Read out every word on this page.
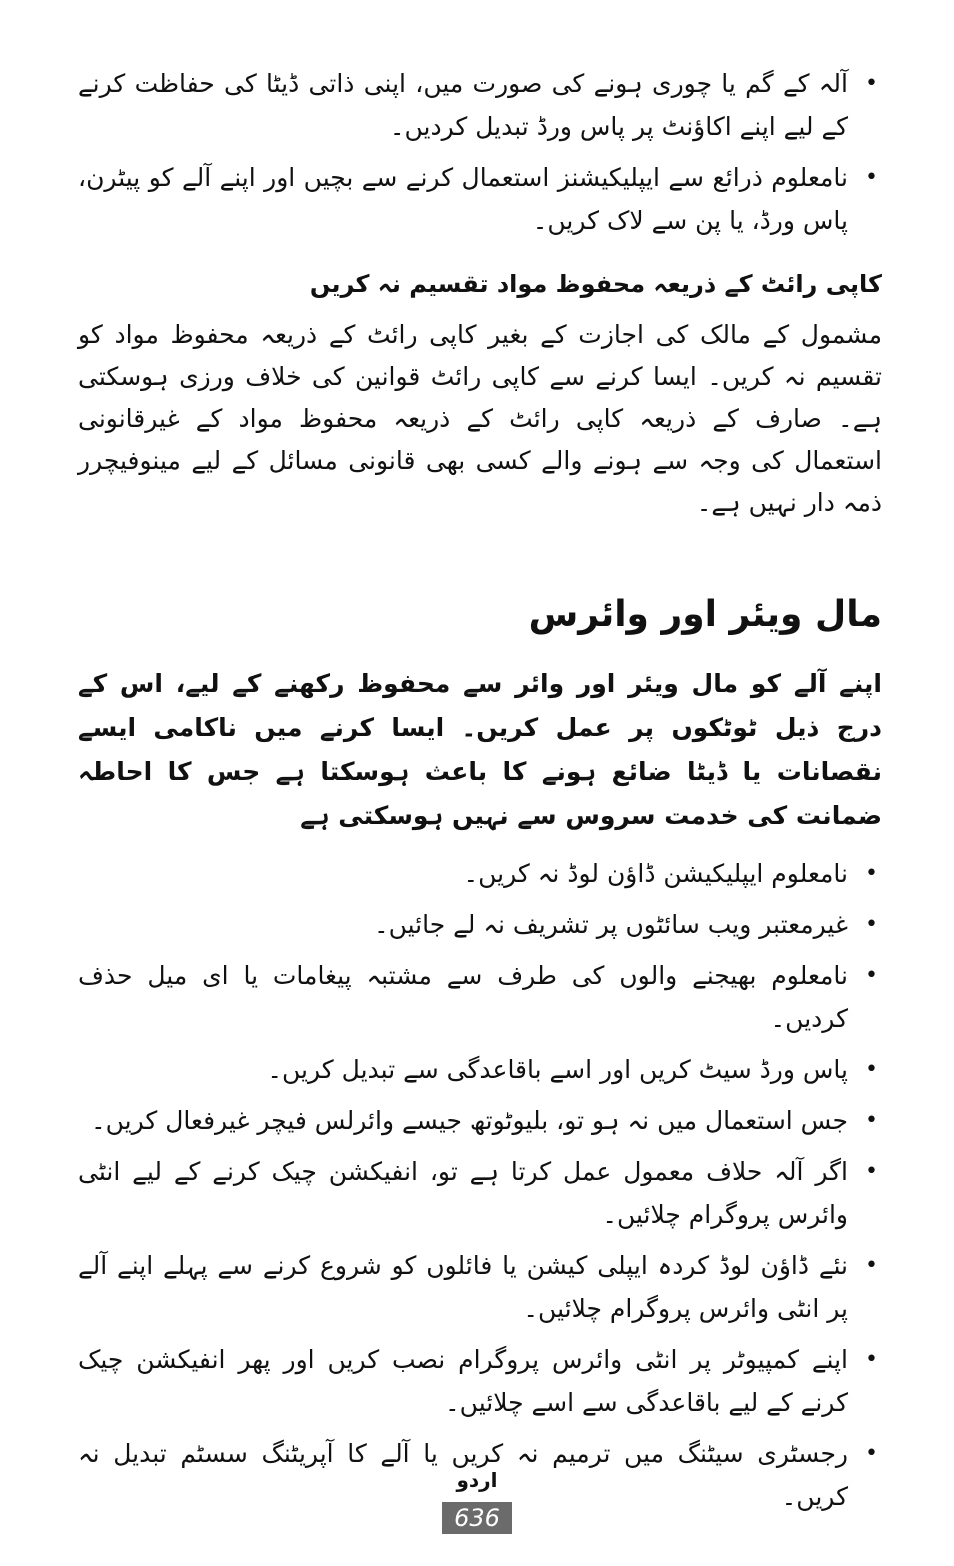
•
آلہ کے گم یا چوری ہونے کی صورت میں، اپنی ذاتی ڈیٹا کی حفاظت کرنے کے لیے اپنے اکاؤنٹ پر پاس ورڈ تبدیل کردیں۔
•
نامعلوم ذرائع سے ایپلیکیشنز استعمال کرنے سے بچیں اور اپنے آلے کو پیٹرن، پاس ورڈ، یا پن سے لاک کریں۔
کاپی رائٹ کے ذریعہ محفوظ مواد تقسیم نہ کریں

مشمول کے مالک کی اجازت کے بغیر کاپی رائٹ کے ذریعہ محفوظ مواد کو تقسیم نہ کریں۔ ایسا کرنے سے کاپی رائٹ قوانین کی خلاف ورزی ہوسکتی ہے۔ صارف کے ذریعہ کاپی رائٹ کے ذریعہ محفوظ مواد کے غیرقانونی استعمال کی وجہ سے ہونے والے کسی بھی قانونی مسائل کے لیے مینوفیچرر ذمہ دار نہیں ہے۔

مال ویئر اور وائرس

اپنے آلے کو مال ویئر اور وائر سے محفوظ رکھنے کے لیے، اس کے درج ذیل ٹوٹکوں پر عمل کریں۔ ایسا کرنے میں ناکامی ایسے نقصانات یا ڈیٹا ضائع ہونے کا باعث ہوسکتا ہے جس کا احاطہ ضمانت کی خدمت سروس سے نہیں ہوسکتی ہے

•
نامعلوم ایپلیکیشن ڈاؤن لوڈ نہ کریں۔
•
غیرمعتبر ویب سائٹوں پر تشریف نہ لے جائیں۔
•
نامعلوم بھیجنے والوں کی طرف سے مشتبہ پیغامات یا ای میل حذف کردیں۔
•
پاس ورڈ سیٹ کریں اور اسے باقاعدگی سے تبدیل کریں۔
•
جس استعمال میں نہ ہو تو، بلیوٹوتھ جیسے وائرلس فیچر غیرفعال کریں۔
•
اگر آلہ حلاف معمول عمل کرتا ہے تو، انفیکشن چیک کرنے کے لیے انٹی وائرس پروگرام چلائیں۔
•
نئے ڈاؤن لوڈ کردہ ایپلی کیشن یا فائلوں کو شروع کرنے سے پہلے اپنے آلے پر انٹی وائرس پروگرام چلائیں۔
•
اپنے کمپیوٹر پر انٹی وائرس پروگرام نصب کریں اور پھر انفیکشن چیک کرنے کے لیے باقاعدگی سے اسے چلائیں۔
•
رجسٹری سیٹنگ میں ترمیم نہ کریں یا آلے کا آپریٹنگ سسٹم تبدیل نہ کریں۔
اردو
636
